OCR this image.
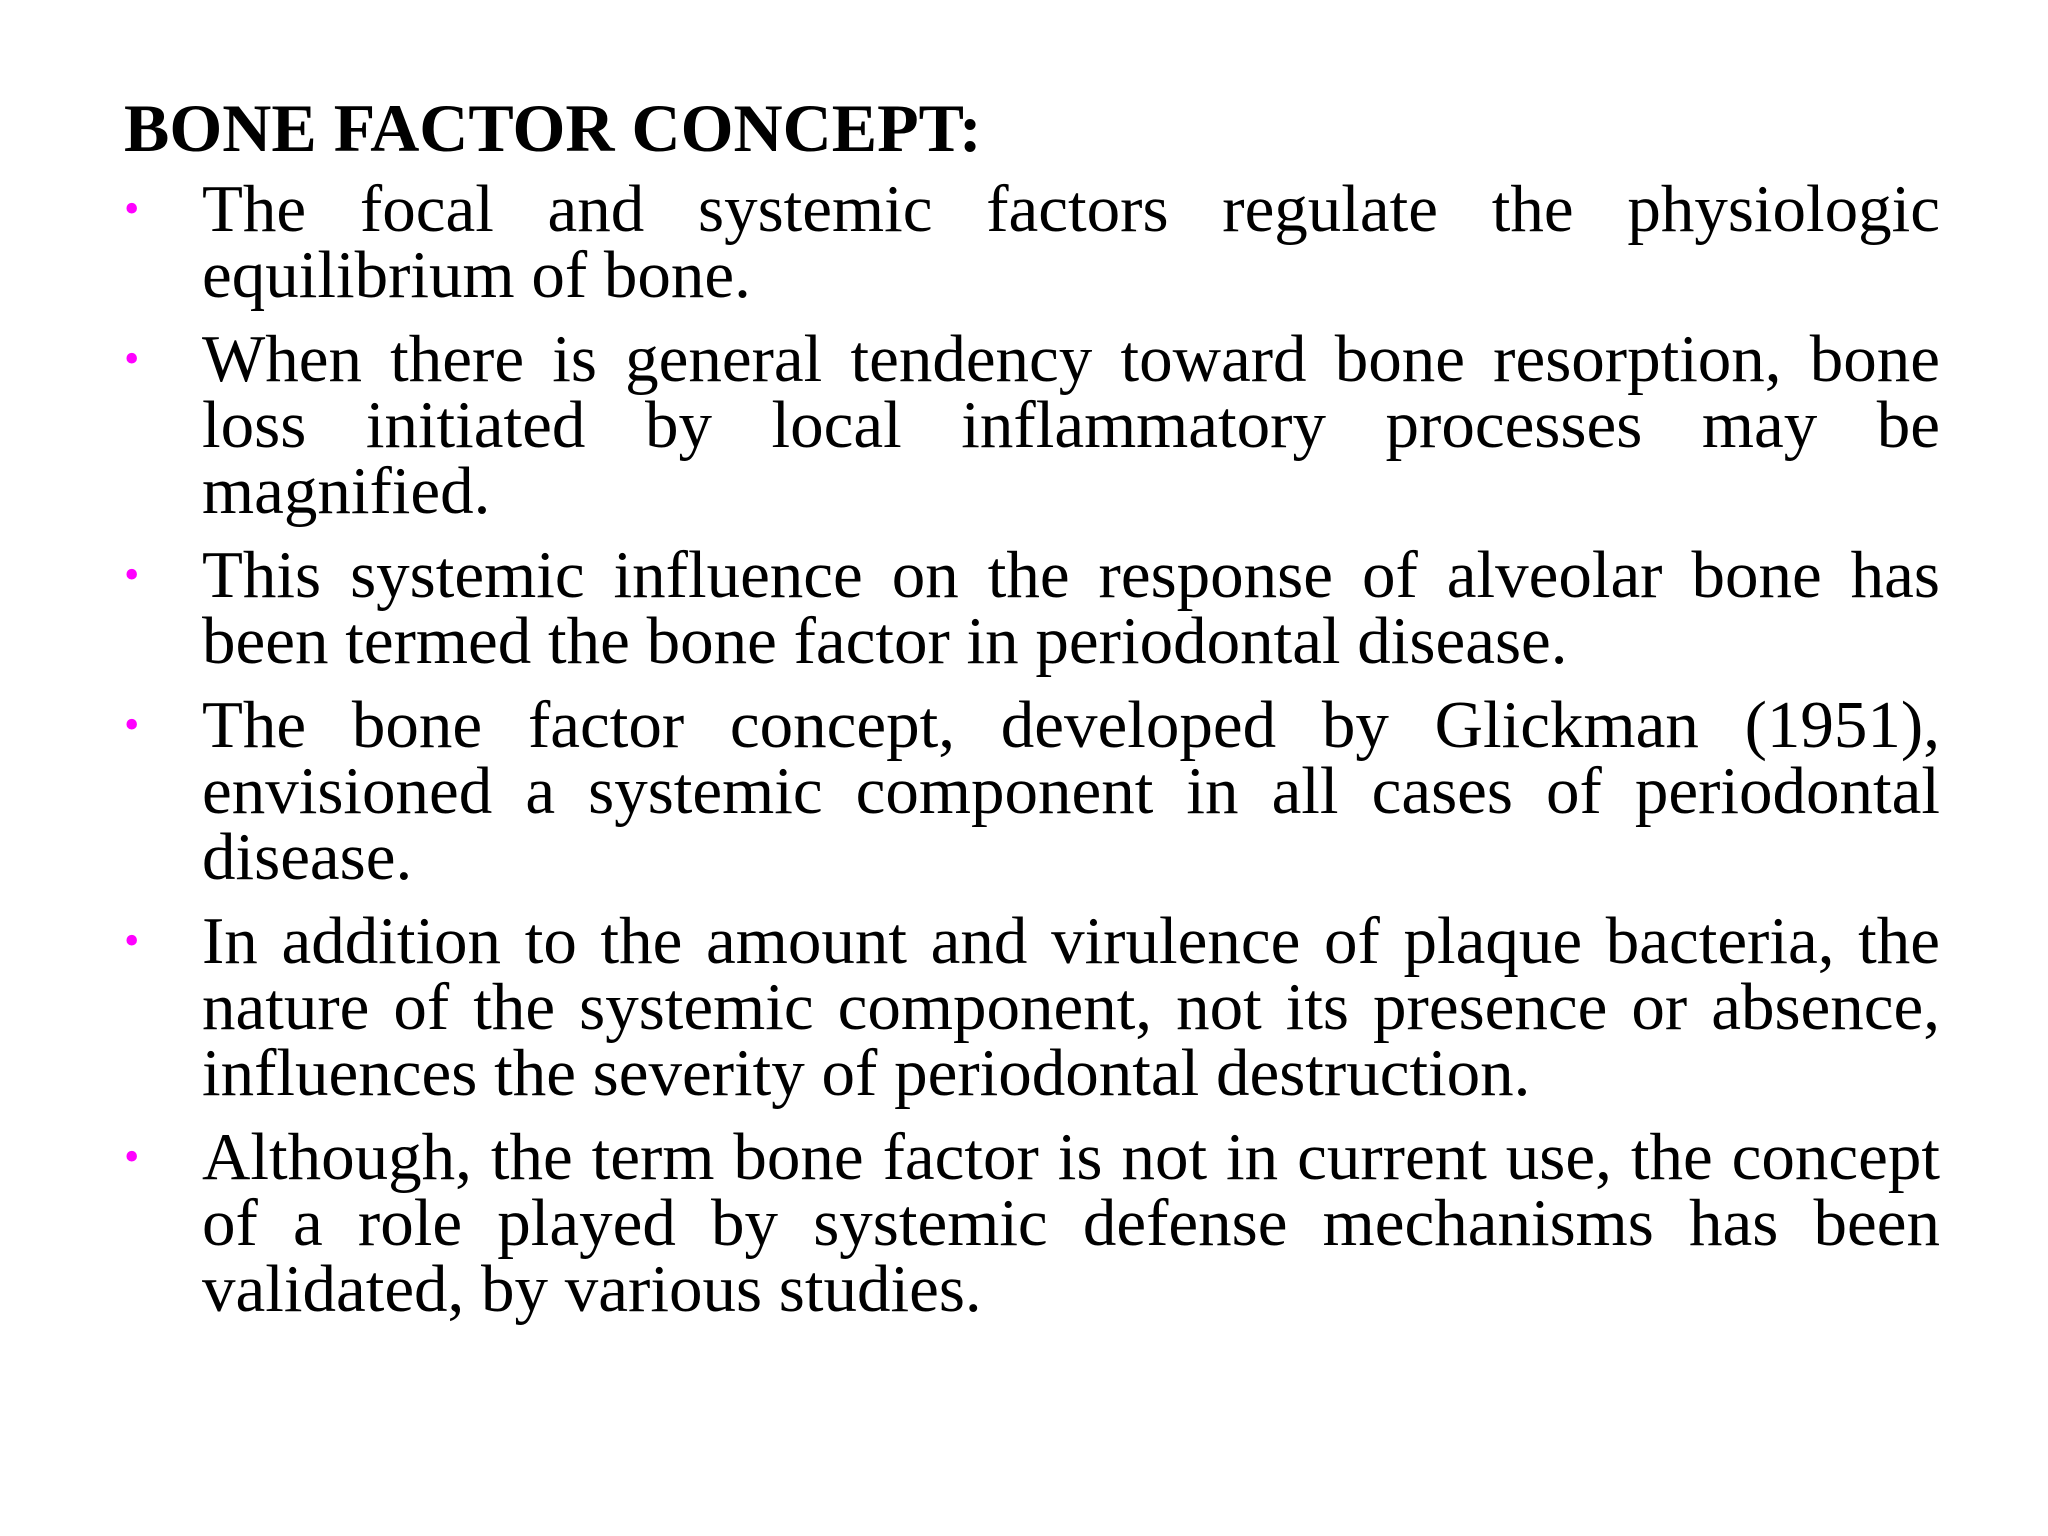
BONE FACTOR CONCEPT:
• The focal and systemic factors regulate the physiologic equilibrium of bone.
• When there is general tendency toward bone resorption, bone loss initiated by local inflammatory processes may be magnified.
• This systemic influence on the response of alveolar bone has been termed the bone factor in periodontal disease.
• The bone factor concept, developed by Glickman (1951), envisioned a systemic component in all cases of periodontal disease.
• In addition to the amount and virulence of plaque bacteria, the nature of the systemic component, not its presence or absence, influences the severity of periodontal destruction.
• Although, the term bone factor is not in current use, the concept of a role played by systemic defense mechanisms has been validated, by various studies.
